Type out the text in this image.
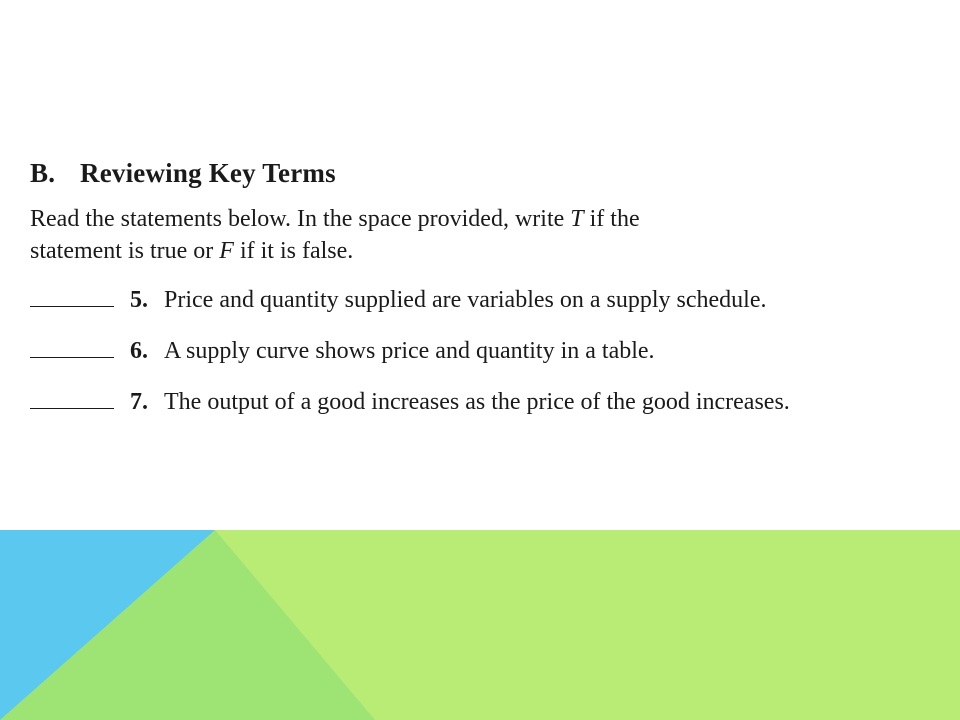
B. Reviewing Key Terms
Read the statements below. In the space provided, write T if the
statement is true or F if it is false.
5. Price and quantity supplied are variables on a supply schedule.
6. A supply curve shows price and quantity in a table.
7. The output of a good increases as the price of the good increases.
